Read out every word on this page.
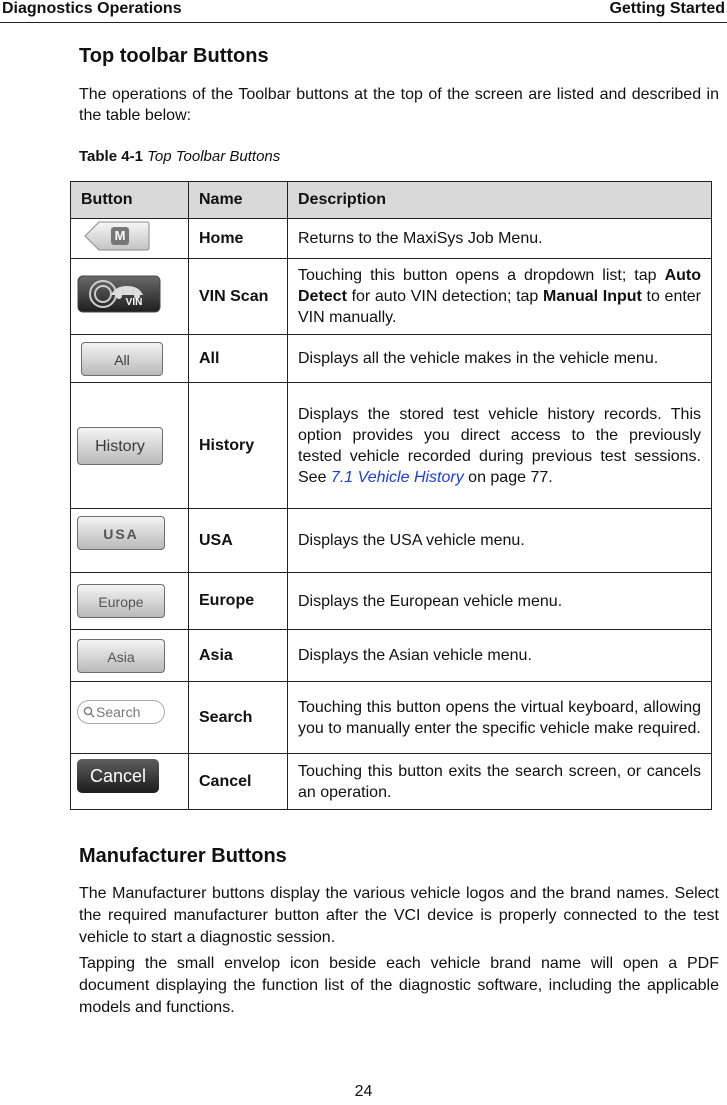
Diagnostics Operations	Getting Started
Top toolbar Buttons

The operations of the Toolbar buttons at the top of the screen are listed and described in the table below:

Table 4-1 Top Toolbar Buttons
Button	Name	Description

M	Home	Returns to the MaxiSys Job Menu.

VIN	VIN Scan	Touching this button opens a dropdown list; tap Auto Detect for auto VIN detection; tap Manual Input to enter VIN manually.
All	All	Displays all the vehicle makes in the vehicle menu.
History	History	Displays the stored test vehicle history records. This option provides you direct access to the previously tested vehicle recorded during previous test sessions. See 7.1 Vehicle History on page 77.
USA	USA	Displays the USA vehicle menu.
Europe	Europe	Displays the European vehicle menu.
Asia	Asia	Displays the Asian vehicle menu.

Search	Search	Touching this button opens the virtual keyboard, allowing you to manually enter the specific vehicle make required.
Cancel	Cancel	Touching this button exits the search screen, or cancels an operation.
Manufacturer Buttons

The Manufacturer buttons display the various vehicle logos and the brand names. Select the required manufacturer button after the VCI device is properly connected to the test vehicle to start a diagnostic session.

Tapping the small envelop icon beside each vehicle brand name will open a PDF document displaying the function list of the diagnostic software, including the applicable models and functions.

24
